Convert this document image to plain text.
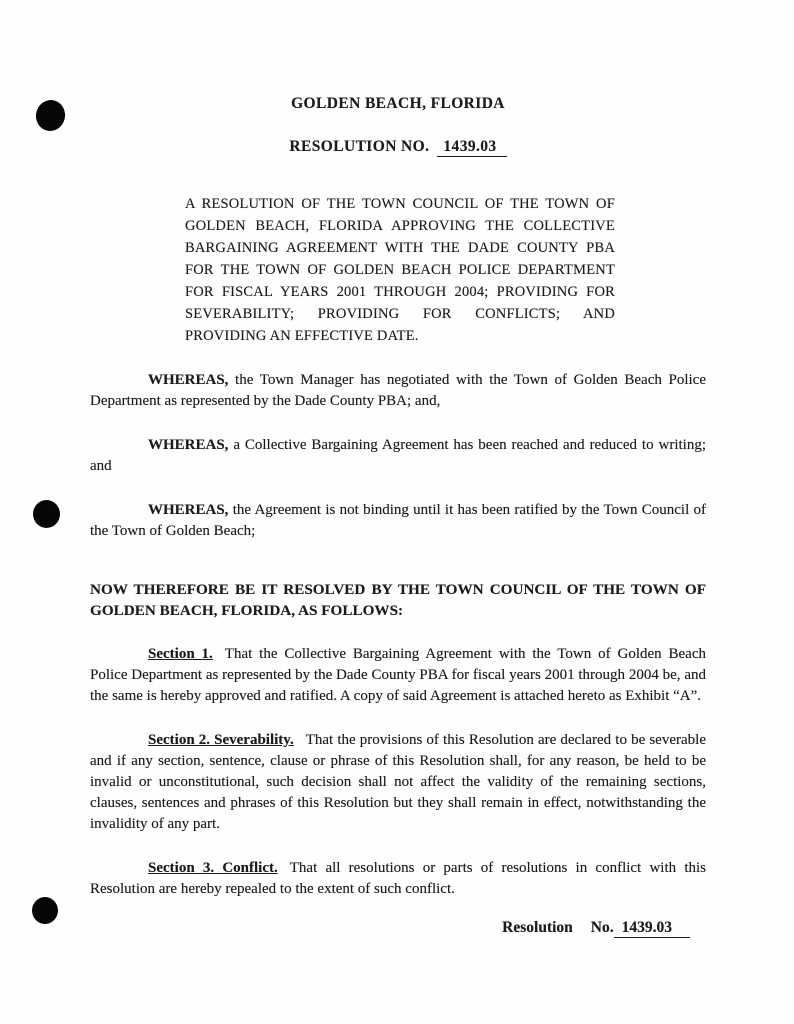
GOLDEN BEACH, FLORIDA
RESOLUTION NO. 1439.03
A RESOLUTION OF THE TOWN COUNCIL OF THE TOWN OF GOLDEN BEACH, FLORIDA APPROVING THE COLLECTIVE BARGAINING AGREEMENT WITH THE DADE COUNTY PBA FOR THE TOWN OF GOLDEN BEACH POLICE DEPARTMENT FOR FISCAL YEARS 2001 THROUGH 2004; PROVIDING FOR SEVERABILITY; PROVIDING FOR CONFLICTS; AND PROVIDING AN EFFECTIVE DATE.

WHEREAS, the Town Manager has negotiated with the Town of Golden Beach Police Department as represented by the Dade County PBA; and,

WHEREAS, a Collective Bargaining Agreement has been reached and reduced to writing; and

WHEREAS, the Agreement is not binding until it has been ratified by the Town Council of the Town of Golden Beach;

NOW THEREFORE BE IT RESOLVED BY THE TOWN COUNCIL OF THE TOWN OF GOLDEN BEACH, FLORIDA, AS FOLLOWS:

Section 1. That the Collective Bargaining Agreement with the Town of Golden Beach Police Department as represented by the Dade County PBA for fiscal years 2001 through 2004 be, and the same is hereby approved and ratified. A copy of said Agreement is attached hereto as Exhibit “A”.

Section 2. Severability. That the provisions of this Resolution are declared to be severable and if any section, sentence, clause or phrase of this Resolution shall, for any reason, be held to be invalid or unconstitutional, such decision shall not affect the validity of the remaining sections, clauses, sentences and phrases of this Resolution but they shall remain in effect, notwithstanding the invalidity of any part.

Section 3. Conflict. That all resolutions or parts of resolutions in conflict with this Resolution are hereby repealed to the extent of such conflict.

Resolution No. 1439.03
